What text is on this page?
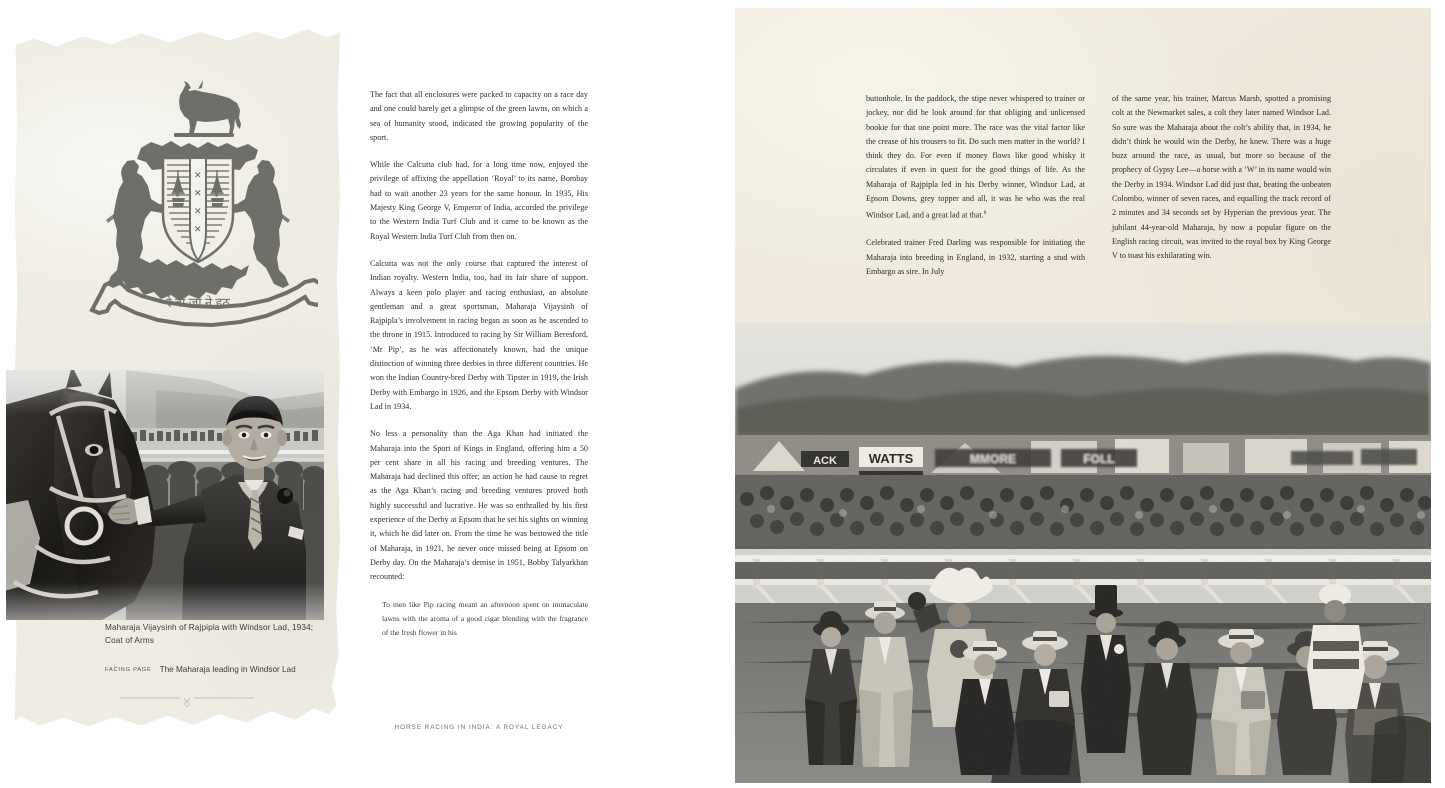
✕
✕
✕
✕
रे वा जा ने हठ
Maharaja Vijaysinh of Rajpipla with Windsor Lad, 1934;
Coat of Arms
FACING PAGE The Maharaja leading in Windsor Lad

The fact that all enclosures were packed to capacity on a race day and one could barely get a glimpse of the green lawns, on which a sea of humanity stood, indicated the growing popularity of the sport.

While the Calcutta club had, for a long time now, enjoyed the privilege of affixing the appellation ‘Royal’ to its name, Bombay had to wait another 23 years for the same honour. In 1935, His Majesty King George V, Emperor of India, accorded the privilege to the Western India Turf Club and it came to be known as the Royal Western India Turf Club from then on.

Calcutta was not the only course that captured the interest of Indian royalty. Western India, too, had its fair share of support. Always a keen polo player and racing enthusiast, an absolute gentleman and a great sportsman, Maharaja Vijaysinh of Rajpipla’s involvement in racing began as soon as he ascended to the throne in 1915. Introduced to racing by Sir William Beresford, ‘Mr Pip’, as he was affectionately known, had the unique distinction of winning three derbies in three different countries. He won the Indian Country-bred Derby with Tipster in 1919, the Irish Derby with Embargo in 1926, and the Epsom Derby with Windsor Lad in 1934.

No less a personality than the Aga Khan had initiated the Maharaja into the Sport of Kings in England, offering him a 50 per cent share in all his racing and breeding ventures. The Maharaja had declined this offer; an action he had cause to regret as the Aga Khan’s racing and breeding ventures proved both highly successful and lucrative. He was so enthralled by his first experience of the Derby at Epsom that he set his sights on winning it, which he did later on. From the time he was bestowed the title of Maharaja, in 1921, he never once missed being at Epsom on Derby day. On the Maharaja’s demise in 1951, Bobby Talyarkhan recounted:

To men like Pip racing meant an afternoon spent on immaculate lawns with the aroma of a good cigar blending with the fragrance of the fresh flower in his

HORSE RACING IN INDIA: A ROYAL LEGACY

buttonhole. In the paddock, the stipe never whispered to trainer or jockey, nor did he look around for that obliging and unlicensed bookie for that one point more. The race was the vital factor like the crease of his trousers to fit. Do such men matter in the world? I think they do. For even if money flows like good whisky it circulates if even in quest for the good things of life. As the Maharaja of Rajpipla led in his Derby winner, Windsor Lad, at Epsom Downs, grey topper and all, it was he who was the real Windsor Lad, and a great lad at that.$^8$

Celebrated trainer Fred Darling was responsible for initiating the Maharaja into breeding in England, in 1932, starting a stud with Embargo as sire. In July

of the same year, his trainer, Marcus Marsh, spotted a promising colt at the Newmarket sales, a colt they later named Windsor Lad. So sure was the Maharaja about the colt’s ability that, in 1934, he didn’t think he would win the Derby, he knew. There was a huge buzz around the race, as usual, but more so because of the prophecy of Gypsy Lee—a horse with a ‘W’ in its name would win the Derby in 1934. Windsor Lad did just that, beating the unbeaten Colombo, winner of seven races, and equalling the track record of 2 minutes and 34 seconds set by Hyperian the previous year. The jubilant 44-year-old Maharaja, by now a popular figure on the English racing circuit, was invited to the royal box by King George V to toast his exhilarating win.
